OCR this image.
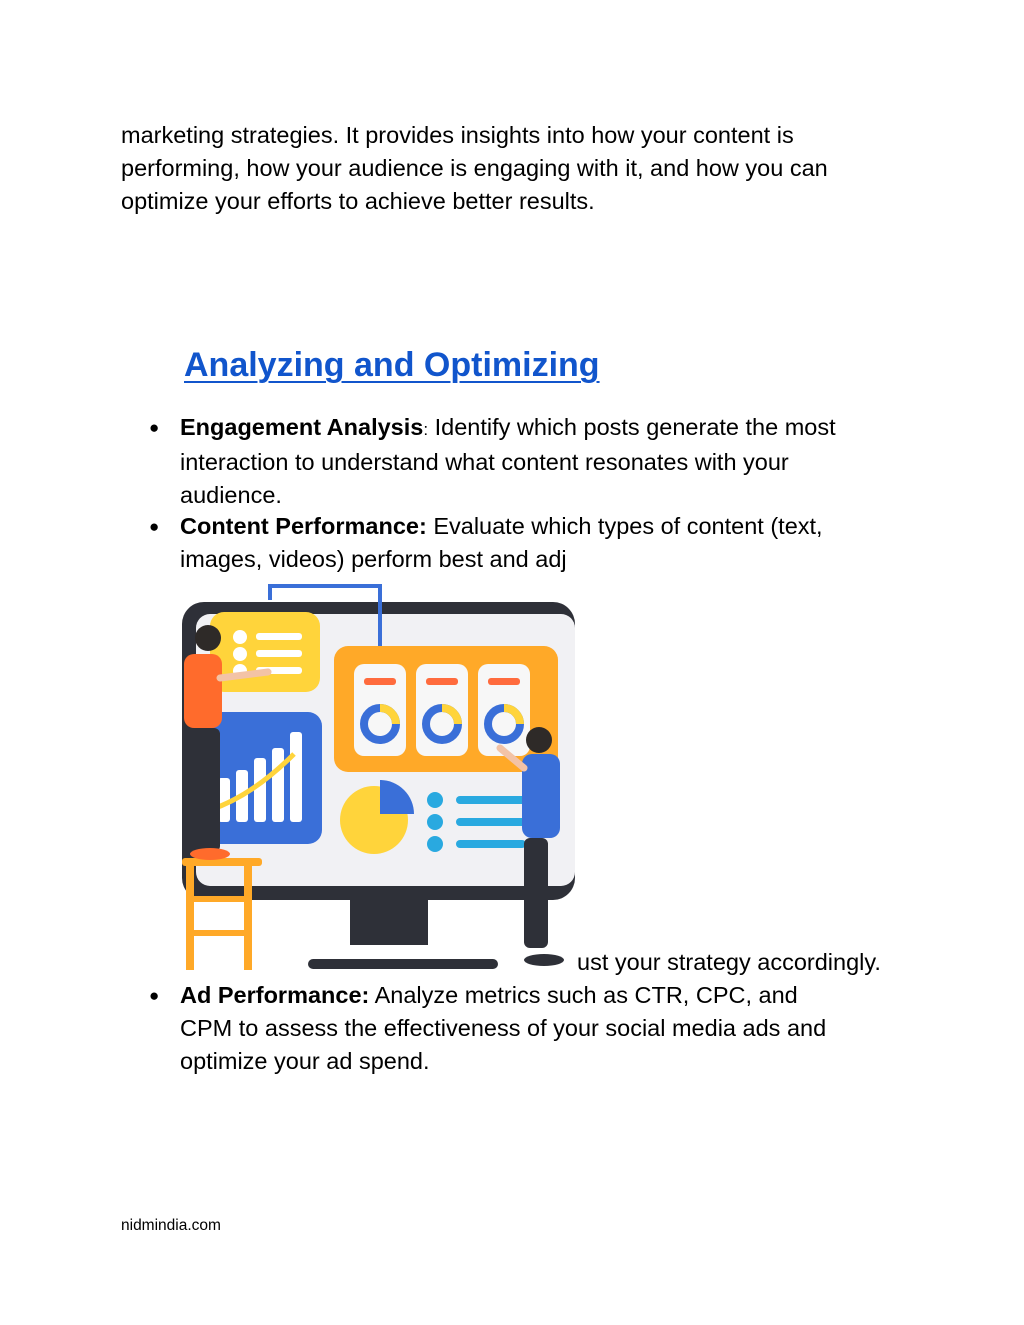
marketing strategies. It provides insights into how your content is
performing, how your audience is engaging with it, and how you can
optimize your efforts to achieve better results.

Analyzing and Optimizing
● Engagement Analysis: Identify which posts generate the most
interaction to understand what content resonates with your
audience.
● Content Performance: Evaluate which types of content (text,
images, videos) perform best and adj
ust your strategy accordingly.
● Ad Performance: Analyze metrics such as CTR, CPC, and
CPM to assess the effectiveness of your social media ads and
optimize your ad spend.
nidmindia.com
